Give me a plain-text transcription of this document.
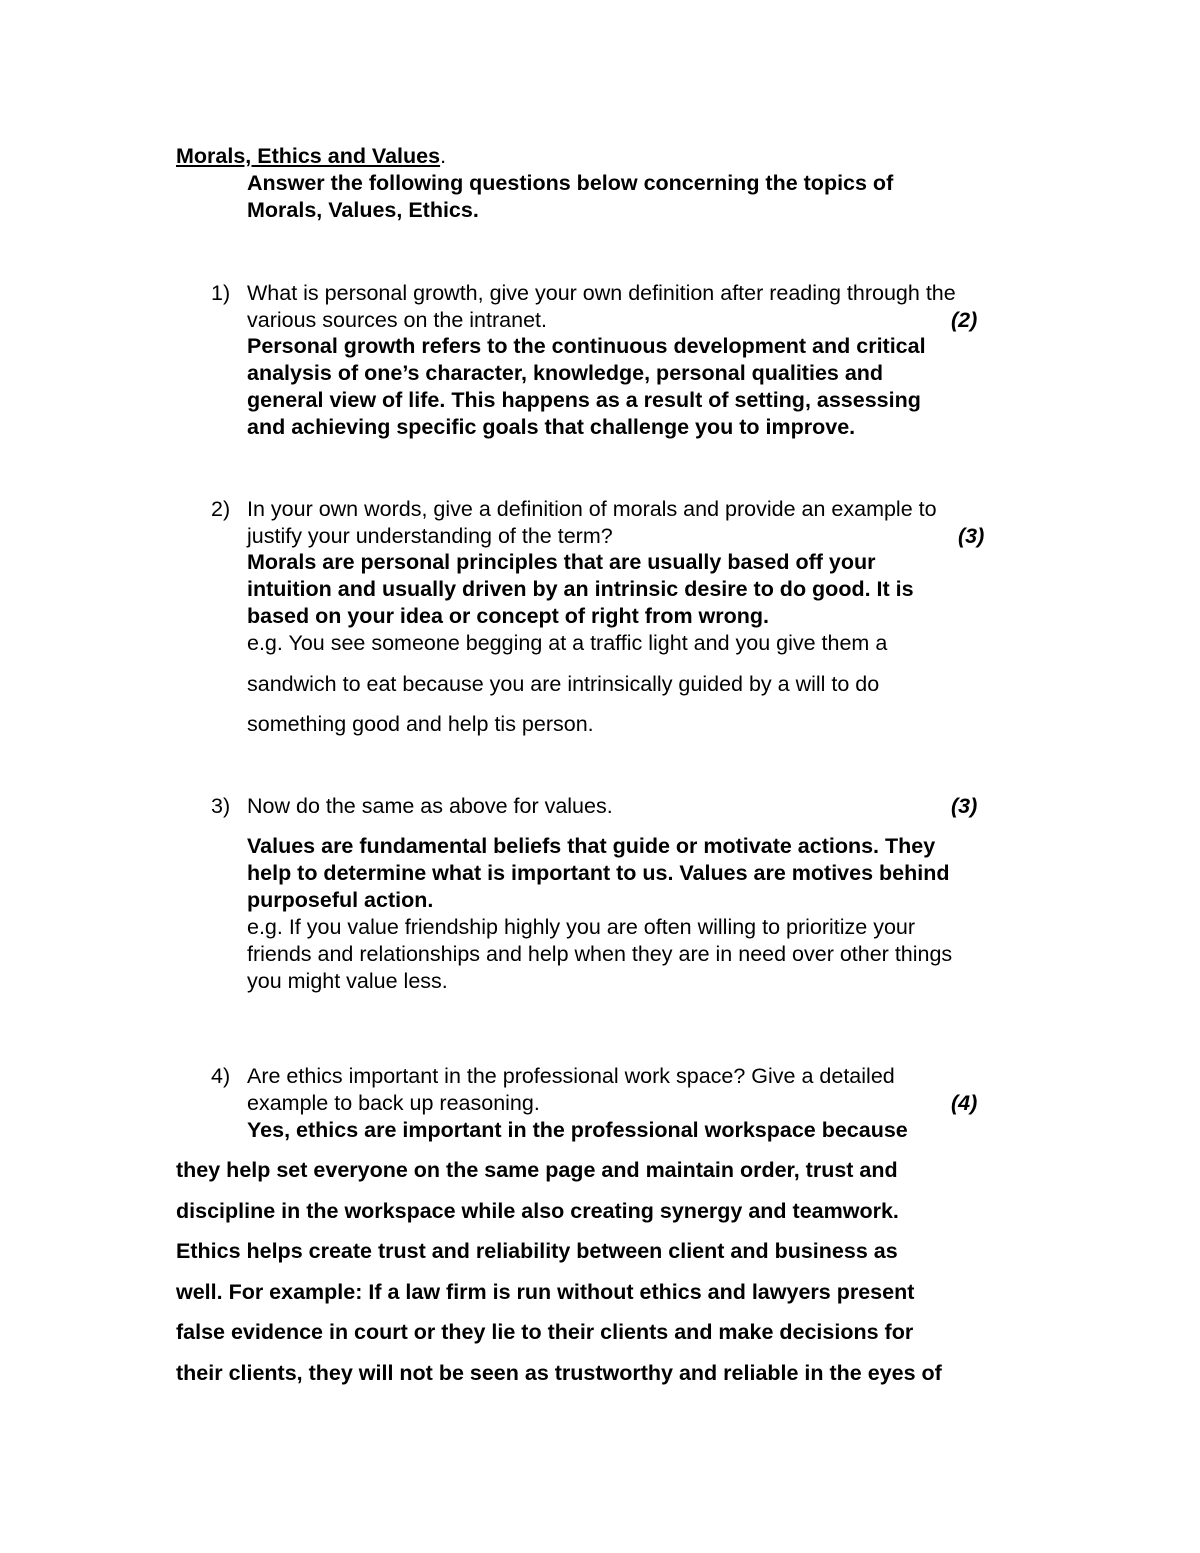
Morals, Ethics and Values.
Answer the following questions below concerning the topics of
Morals, Values, Ethics.
1) What is personal growth, give your own definition after reading through the
various sources on the intranet.	(2)
Personal growth refers to the continuous development and critical
analysis of one’s character, knowledge, personal qualities and
general view of life. This happens as a result of setting, assessing
and achieving specific goals that challenge you to improve.
2) In your own words, give a definition of morals and provide an example to
justify your understanding of the term?	(3)
Morals are personal principles that are usually based off your
intuition and usually driven by an intrinsic desire to do good. It is
based on your idea or concept of right from wrong.
e.g. You see someone begging at a traffic light and you give them a
sandwich to eat because you are intrinsically guided by a will to do
something good and help tis person.
3) Now do the same as above for values.	(3)
Values are fundamental beliefs that guide or motivate actions. They
help to determine what is important to us. Values are motives behind
purposeful action.
e.g. If you value friendship highly you are often willing to prioritize your
friends and relationships and help when they are in need over other things
you might value less.
4) Are ethics important in the professional work space? Give a detailed
example to back up reasoning.	(4)
Yes, ethics are important in the professional workspace because
they help set everyone on the same page and maintain order, trust and
discipline in the workspace while also creating synergy and teamwork.
Ethics helps create trust and reliability between client and business as
well. For example: If a law firm is run without ethics and lawyers present
false evidence in court or they lie to their clients and make decisions for
their clients, they will not be seen as trustworthy and reliable in the eyes of
